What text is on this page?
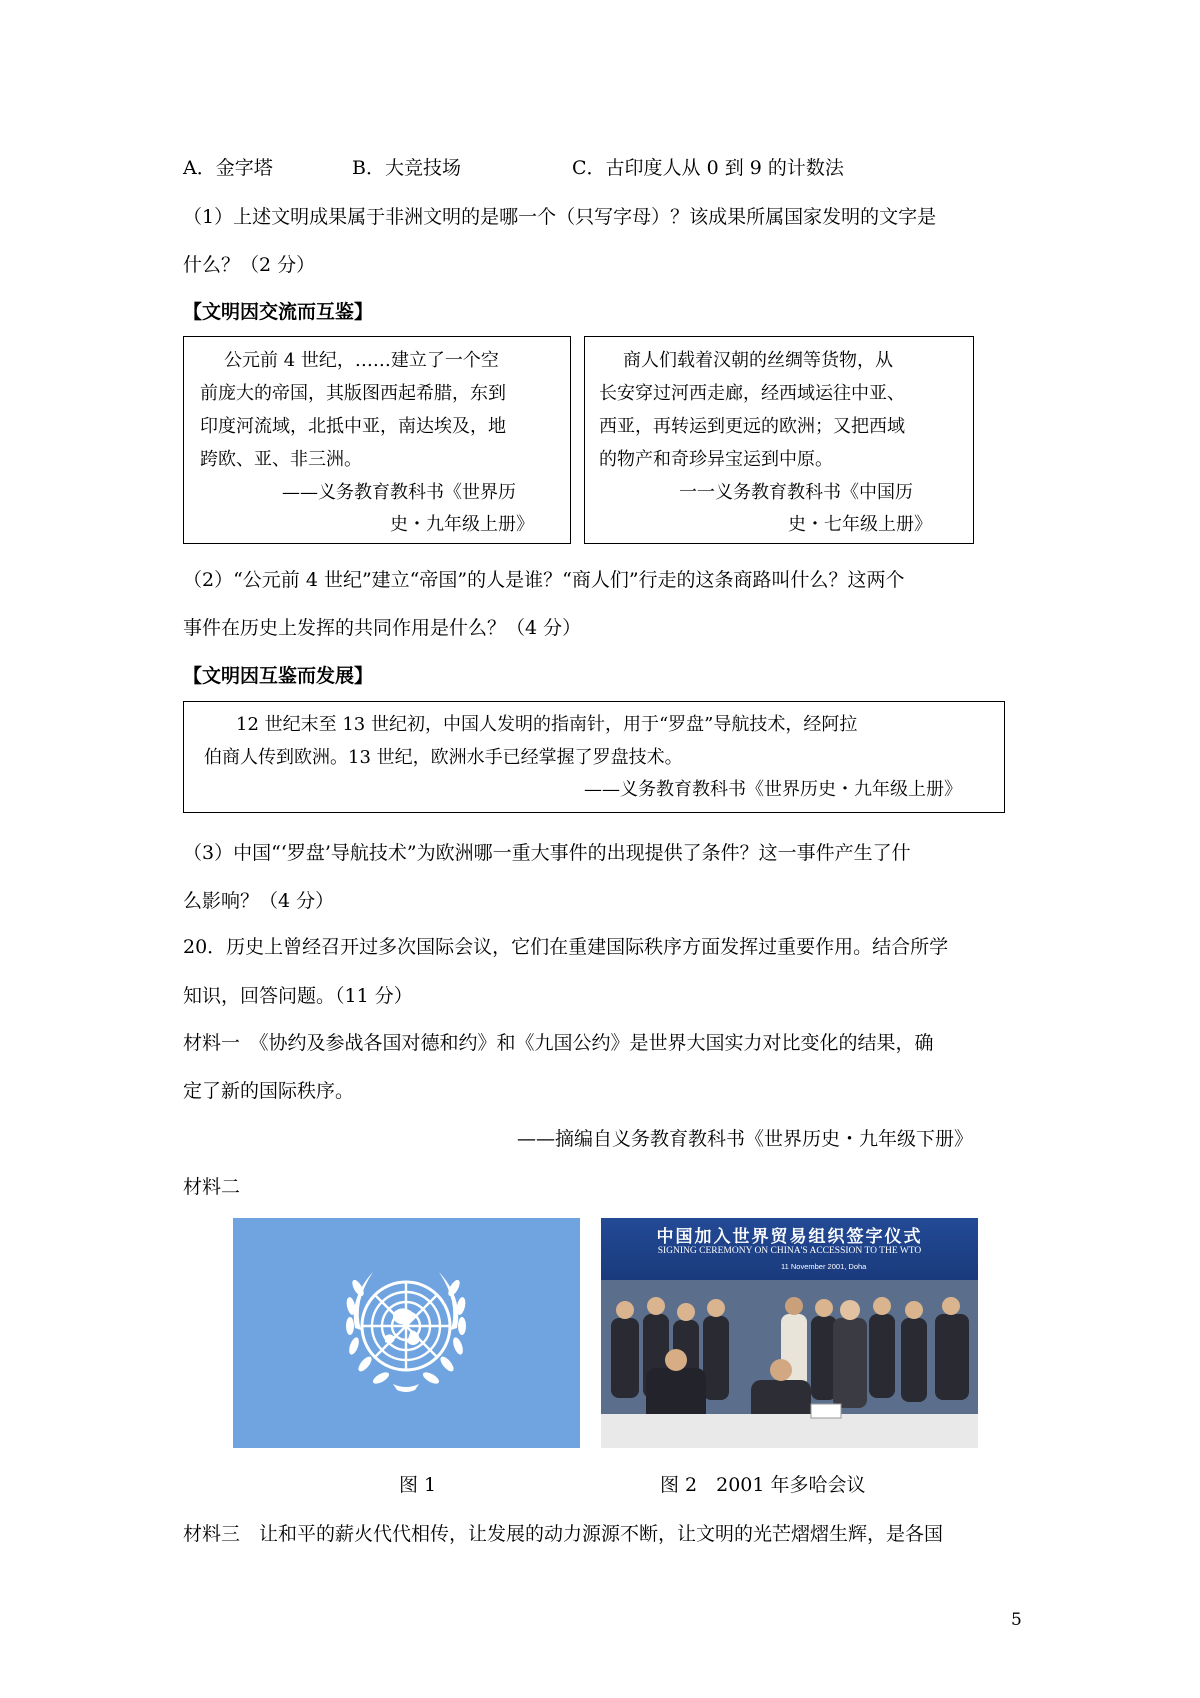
A．金字塔	B．大竞技场	C．古印度人从 0 到 9 的计数法
（1）上述文明成果属于非洲文明的是哪一个（只写字母）？该成果所属国家发明的文字是
什么？（2 分）
【文明因交流而互鉴】
公元前 4 世纪，……建立了一个空
前庞大的帝国，其版图西起希腊，东到
印度河流域，北抵中亚，南达埃及，地
跨欧、亚、非三洲。
——义务教育教科书《世界历
史・九年级上册》
商人们载着汉朝的丝绸等货物，从
长安穿过河西走廊，经西域运往中亚、
西亚，再转运到更远的欧洲；又把西域
的物产和奇珍异宝运到中原。
一一义务教育教科书《中国历
史・七年级上册》
（2）“公元前 4 世纪”建立“帝国”的人是谁？“商人们”行走的这条商路叫什么？这两个
事件在历史上发挥的共同作用是什么？（4 分）
【文明因互鉴而发展】
12 世纪末至 13 世纪初，中国人发明的指南针，用于“罗盘”导航技术，经阿拉
伯商人传到欧洲。13 世纪，欧洲水手已经掌握了罗盘技术。
——义务教育教科书《世界历史・九年级上册》
（3）中国“‘罗盘’导航技术”为欧洲哪一重大事件的出现提供了条件？这一事件产生了什
么影响？（4 分）
20．历史上曾经召开过多次国际会议，它们在重建国际秩序方面发挥过重要作用。结合所学
知识，回答问题。（11 分）
材料一　《协约及参战各国对德和约》和《九国公约》是世界大国实力对比变化的结果，确
定了新的国际秩序。
——摘编自义务教育教科书《世界历史・九年级下册》
材料二
中国加入世界贸易组织签字仪式
SIGNING CEREMONY ON CHINA'S ACCESSION TO THE WTO
11 November 2001, Doha
图 1	图 2　2001 年多哈会议
材料三　让和平的薪火代代相传，让发展的动力源源不断，让文明的光芒熠熠生辉，是各国
5
